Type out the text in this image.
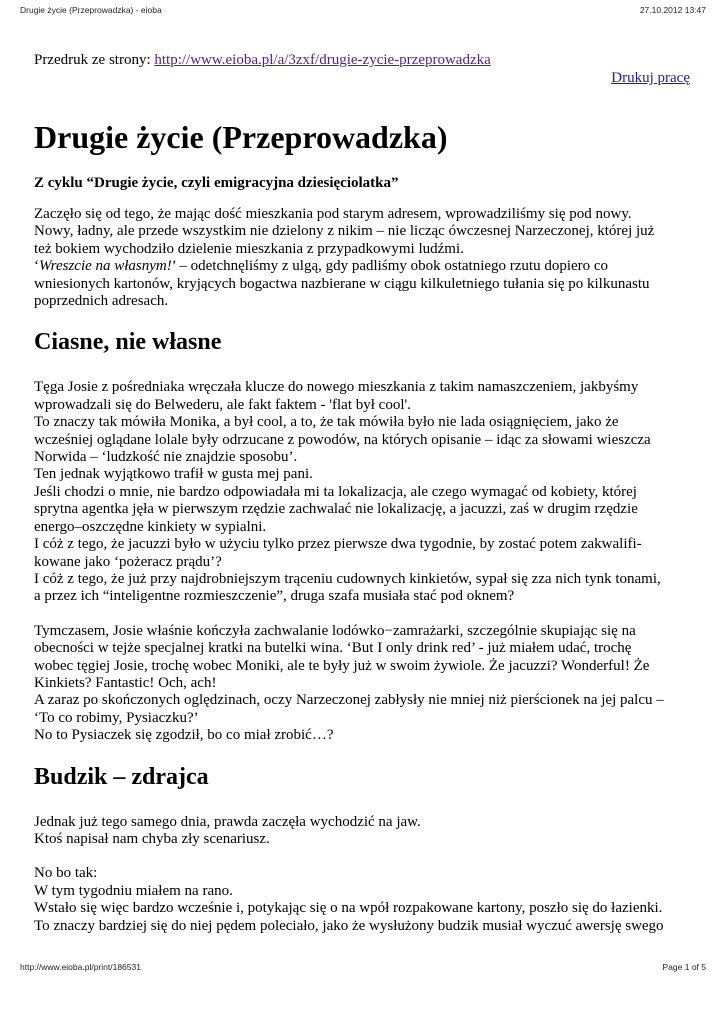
Drugie życie (Przeprowadzka) - eioba	27.10.2012 13:47
Przedruk ze strony: http://www.eioba.pl/a/3zxf/drugie-zycie-przeprowadzka
Drukuj pracę
Drugie życie (Przeprowadzka)
Z cyklu “Drugie życie, czyli emigracyjna dziesięciolatka”

Zaczęło się od tego, że mając dość mieszkania pod starym adresem, wprowadziliśmy się pod nowy.
Nowy, ładny, ale przede wszystkim nie dzielony z nikim – nie licząc ówczesnej Narzeczonej, której już
też bokiem wychodziło dzielenie mieszkania z przypadkowymi ludźmi.
‘Wreszcie na własnym!’ – odetchnęliśmy z ulgą, gdy padliśmy obok ostatniego rzutu dopiero co
wniesionych kartonów, kryjących bogactwa nazbierane w ciągu kilkuletniego tułania się po kilkunastu
poprzednich adresach.

Ciasne, nie własne

Tęga Josie z pośredniaka wręczała klucze do nowego mieszkania z takim namaszczeniem, jakbyśmy
wprowadzali się do Belwederu, ale fakt faktem - 'flat był cool'.
To znaczy tak mówiła Monika, a był cool, a to, że tak mówiła było nie lada osiągnięciem, jako że
wcześniej oglądane lolale były odrzucane z powodów, na których opisanie – idąc za słowami wieszcza
Norwida – ‘ludzkość nie znajdzie sposobu’.
Ten jednak wyjątkowo trafił w gusta mej pani.
Jeśli chodzi o mnie, nie bardzo odpowiadała mi ta lokalizacja, ale czego wymagać od kobiety, której
sprytna agentka jęła w pierwszym rzędzie zachwalać nie lokalizację, a jacuzzi, zaś w drugim rzędzie
energo–oszczędne kinkiety w sypialni.
I cóż z tego, że jacuzzi było w użyciu tylko przez pierwsze dwa tygodnie, by zostać potem zakwalifi-
kowane jako ‘pożeracz prądu’?
I cóż z tego, że już przy najdrobniejszym trąceniu cudownych kinkietów, sypał się zza nich tynk tonami,
a przez ich “inteligentne rozmieszczenie”, druga szafa musiała stać pod oknem?

Tymczasem, Josie właśnie kończyła zachwalanie lodówko−zamrażarki, szczególnie skupiając się na
obecności w tejże specjalnej kratki na butelki wina. ‘But I only drink red’ - już miałem udać, trochę
wobec tęgiej Josie, trochę wobec Moniki, ale te były już w swoim żywiole. Że jacuzzi? Wonderful! Że
Kinkiets? Fantastic! Och, ach!
A zaraz po skończonych oględzinach, oczy Narzeczonej zabłysły nie mniej niż pierścionek na jej palcu –
‘To co robimy, Pysiaczku?’
No to Pysiaczek się zgodził, bo co miał zrobić…?

Budzik – zdrajca

Jednak już tego samego dnia, prawda zaczęła wychodzić na jaw.
Ktoś napisał nam chyba zły scenariusz.

No bo tak:
W tym tygodniu miałem na rano.
Wstało się więc bardzo wcześnie i, potykając się o na wpół rozpakowane kartony, poszło się do łazienki.
To znaczy bardziej się do niej pędem poleciało, jako że wysłużony budzik musiał wyczuć awersję swego

http://www.eioba.pl/print/186531	Page 1 of 5
